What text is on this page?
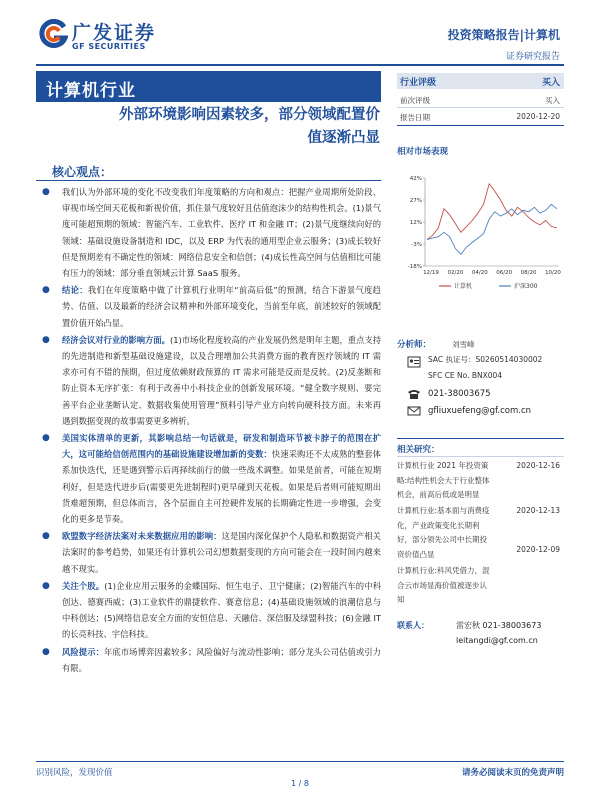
广发证券
GF SECURITIES
投资策略报告|计算机
证券研究报告
计算机行业
外部环境影响因素较多，部分领域配置价
值逐渐凸显
核心观点：
● 我们认为外部环境的变化不改变我们年度策略的方向和观点：把握产业周期所处阶段、审视市场空间天花板和新视价值，抓住景气度较好且估值泡沫少的结构性机会。(1)景气度可能超预期的领域：智能汽车、工业软件、医疗 IT 和金融 IT；(2)景气度继续向好的领域：基础设施设备制造和 IDC，以及 ERP 为代表的通用型企业云服务；(3)成长较好但是预期差有不确定性的领域：网络信息安全和信创；(4)成长性高空间与估值相比可能有压力的领域：部分垂直领域云计算 SaaS 服务。
● 结论：我们在年度策略中做了计算机行业明年“前高后低”的预测，结合下游景气度趋势、估值、以及最新的经济会议精神和外部环境变化，当前至年底，前述较好的领域配置价值开始凸显。
● 经济会议对行业的影响方面。(1)市场化程度较高的产业发展仍然是明年主题，重点支持的先进制造和新型基础设施建设，以及合理增加公共消费方面的教育医疗领域的 IT 需求亦可有不错的预期，但过度依赖财政预算的 IT 需求可能是反而是反转。(2)反垄断和防止资本无序扩张：有利于改善中小科技企业的创新发展环境。“健全数字规则、要完善平台企业垄断认定、数据收集使用管理”预料引导产业方向转向硬科技方面。未来再遇到数据变现的故事需要更多辨析。
● 美国实体清单的更新，其影响总结一句话就是，研发和制造环节被卡脖子的范围在扩大，这可能给信创范围内的基础设施建设增加新的变数：快速采购还不太成熟的整套体系加快迭代，还是遇到警示后再择续前行的做一些战术调整。如果是前者，可能在短期利好，但是迭代进步后(需要更先进制程时)更早碰到天花板。如果是后者则可能短期出货难超预期，但总体而言，各个层面自主可控硬件发展的长期确定性进一步增强，会变化的更多是节奏。
● 欧盟数字经济法案对未来数据应用的影响：这是国内深化保护个人隐私和数据资产相关法案时的参考趋势，如果还有计算机公司幻想数据变现的方向可能会在一段时间内越来越不现实。
● 关注个股。(1)企业应用云服务的金蝶国际、恒生电子、卫宁健康；(2)智能汽车的中科创达、德赛西威；(3)工业软件的鼎捷软件、赛意信息；(4)基础设施领域的浪潮信息与中科创达；(5)网络信息安全方面的安恒信息、天融信、深信服及绿盟科技；(6)金融 IT 的长亮科技、宇信科技。
● 风险提示：年底市场博弈因素较多；风险偏好与流动性影响；部分龙头公司估值或引力有限。
行业评级	买入
前次评级	买入
报告日期	2020-12-20
相对市场表现
42%
27%
12%
-3%
-18%
12/19 02/20 04/20 06/20 08/20 10/20
计算机	沪深300
分析师：	刘雪峰
SAC 执证号：S0260514030002
SFC CE No. BNX004
021-38003675
gfliuxuefeng@gf.com.cn
相关研究：
计算机行业 2021 年投资策
略:结构性机会大于行业整体
机会，前高后低或是明显
2020-12-16
计算机行业:基本面与消费疫
化，产业政策变化长期利
好，部分领先公司中长期投
资价值凸显
2020-12-13
计算机行业:科风凭借力，混
合云市场显海价值被逐步认
知
2020-12-09
联系人：	雷宏秋 021-38003673
leitangdi@gf.com.cn
识别风险，发现价值	请务必阅读末页的免责声明
1 / 8
